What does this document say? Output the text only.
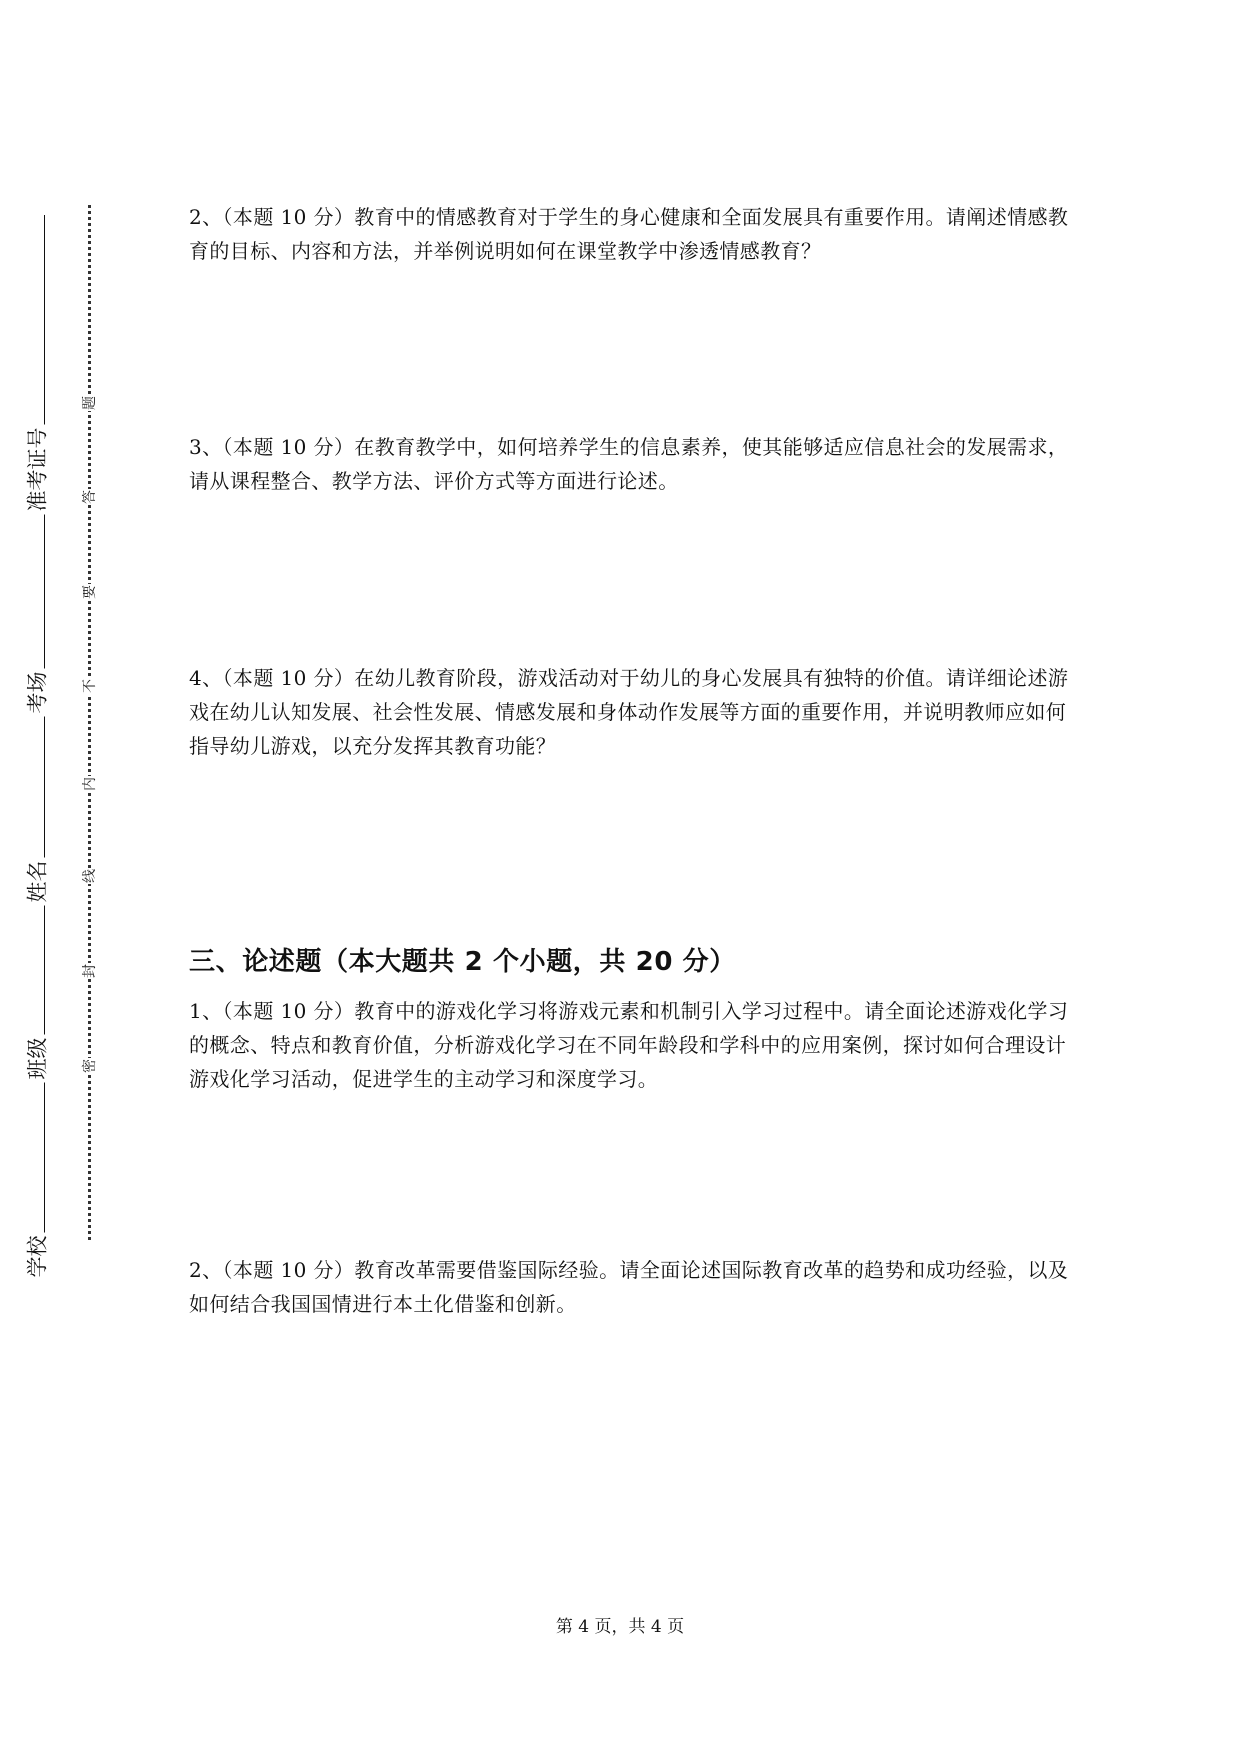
准考证号
考场
姓名
班级
学校
题
答
要
不
内
线
封
密

2、（本题 10 分）教育中的情感教育对于学生的身心健康和全面发展具有重要作用。请阐述情感教育的目标、内容和方法，并举例说明如何在课堂教学中渗透情感教育？

3、（本题 10 分）在教育教学中，如何培养学生的信息素养，使其能够适应信息社会的发展需求，请从课程整合、教学方法、评价方式等方面进行论述。

4、（本题 10 分）在幼儿教育阶段，游戏活动对于幼儿的身心发展具有独特的价值。请详细论述游戏在幼儿认知发展、社会性发展、情感发展和身体动作发展等方面的重要作用，并说明教师应如何指导幼儿游戏，以充分发挥其教育功能？

三、论述题（本大题共 2 个小题，共 20 分）

1、（本题 10 分）教育中的游戏化学习将游戏元素和机制引入学习过程中。请全面论述游戏化学习的概念、特点和教育价值，分析游戏化学习在不同年龄段和学科中的应用案例，探讨如何合理设计游戏化学习活动，促进学生的主动学习和深度学习。

2、（本题 10 分）教育改革需要借鉴国际经验。请全面论述国际教育改革的趋势和成功经验，以及如何结合我国国情进行本土化借鉴和创新。

第 4 页，共 4 页
